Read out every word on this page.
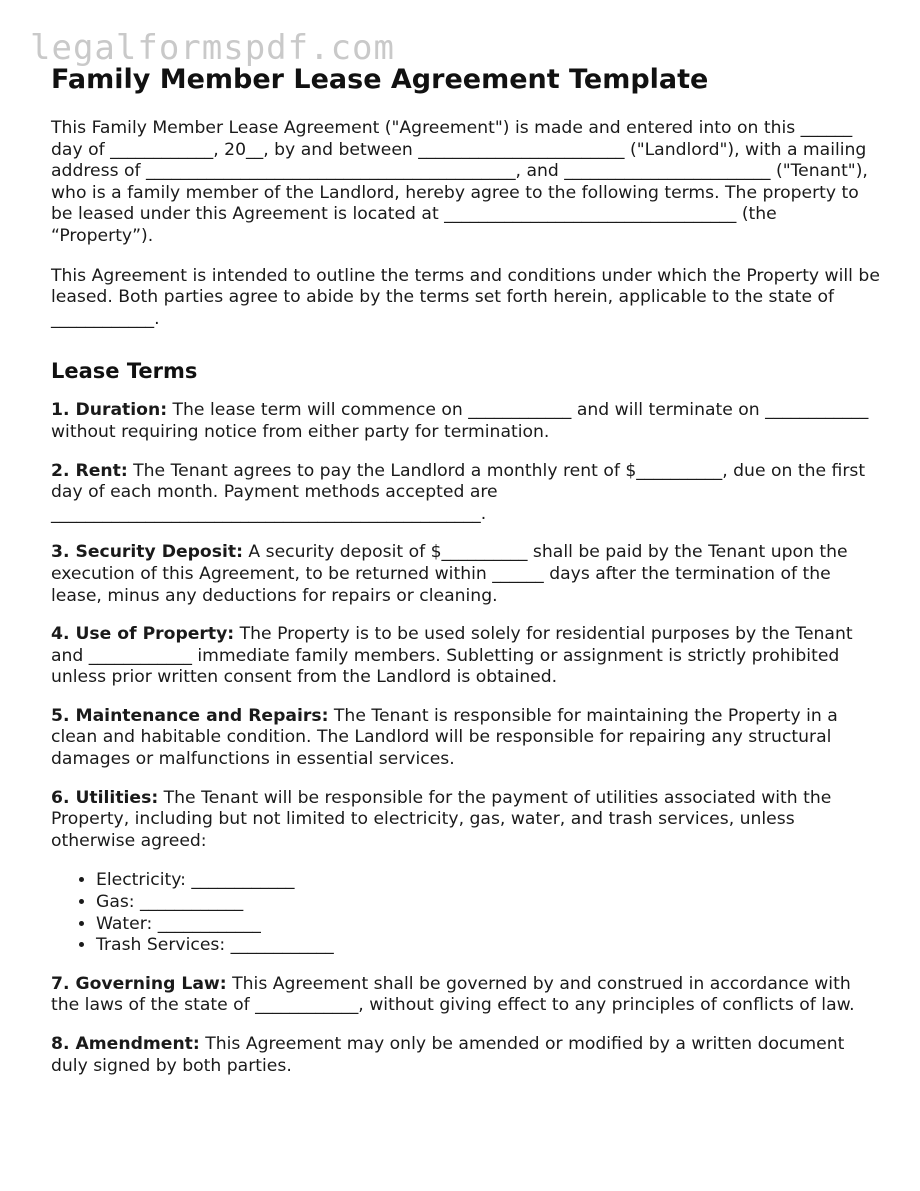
legalformspdf.com
Family Member Lease Agreement Template

This Family Member Lease Agreement ("Agreement") is made and entered into on this ______ day of ____________, 20__, by and between ________________________ ("Landlord"), with a mailing address of ___________________________________________, and ________________________ ("Tenant"), who is a family member of the Landlord, hereby agree to the following terms. The property to be leased under this Agreement is located at __________________________________ (the “Property”).

This Agreement is intended to outline the terms and conditions under which the Property will be leased. Both parties agree to abide by the terms set forth herein, applicable to the state of ____________.

Lease Terms

1. Duration: The lease term will commence on ____________ and will terminate on ____________ without requiring notice from either party for termination.

2. Rent: The Tenant agrees to pay the Landlord a monthly rent of $__________, due on the first day of each month. Payment methods accepted are __________________________________________________.

3. Security Deposit: A security deposit of $__________ shall be paid by the Tenant upon the execution of this Agreement, to be returned within ______ days after the termination of the lease, minus any deductions for repairs or cleaning.

4. Use of Property: The Property is to be used solely for residential purposes by the Tenant and ____________ immediate family members. Subletting or assignment is strictly prohibited unless prior written consent from the Landlord is obtained.

5. Maintenance and Repairs: The Tenant is responsible for maintaining the Property in a clean and habitable condition. The Landlord will be responsible for repairing any structural damages or malfunctions in essential services.

6. Utilities: The Tenant will be responsible for the payment of utilities associated with the Property, including but not limited to electricity, gas, water, and trash services, unless otherwise agreed:

• Electricity: ____________
• Gas: ____________
• Water: ____________
• Trash Services: ____________

7. Governing Law: This Agreement shall be governed by and construed in accordance with the laws of the state of ____________, without giving effect to any principles of conflicts of law.

8. Amendment: This Agreement may only be amended or modified by a written document duly signed by both parties.
